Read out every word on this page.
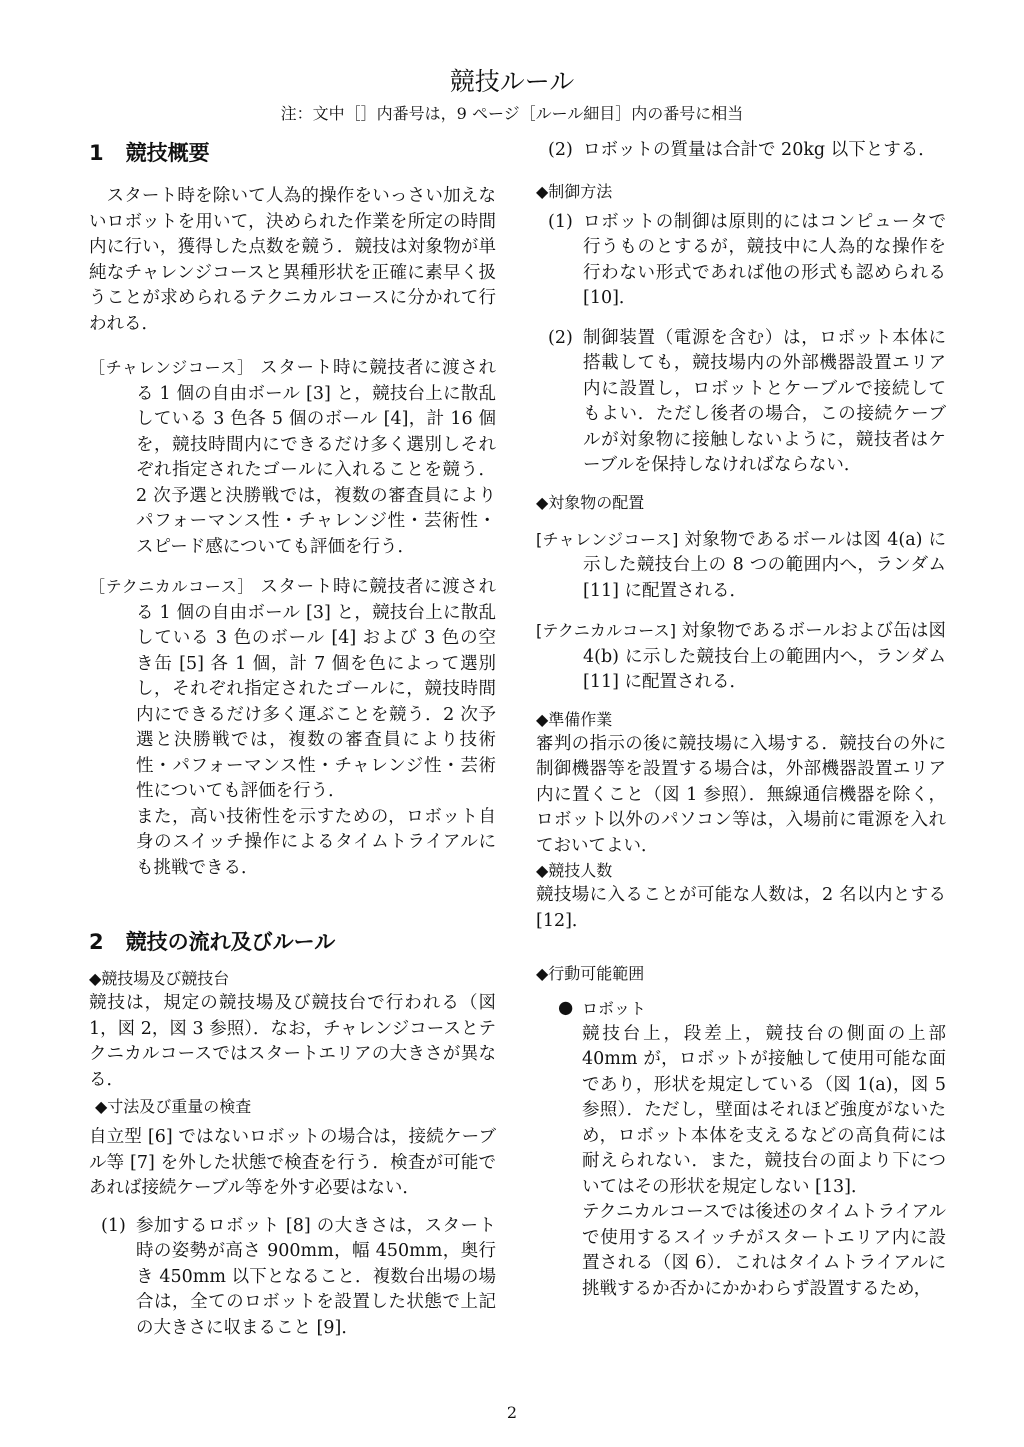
競技ルール
注：文中［］内番号は，9 ページ［ルール細目］内の番号に相当
1 競技概要

スタート時を除いて人為的操作をいっさい加えないロボットを用いて，決められた作業を所定の時間内に行い，獲得した点数を競う．競技は対象物が単純なチャレンジコースと異種形状を正確に素早く扱うことが求められるテクニカルコースに分かれて行われる．

［チャレンジコース］ スタート時に競技者に渡される 1 個の自由ボール [3] と，競技台上に散乱している 3 色各 5 個のボール [4]，計 16 個を，競技時間内にできるだけ多く選別しそれぞれ指定されたゴールに入れることを競う．2 次予選と決勝戦では，複数の審査員によりパフォーマンス性・チャレンジ性・芸術性・スピード感についても評価を行う．

［テクニカルコース］ スタート時に競技者に渡される 1 個の自由ボール [3] と，競技台上に散乱している 3 色のボール [4] および 3 色の空き缶 [5] 各 1 個，計 7 個を色によって選別し，それぞれ指定されたゴールに，競技時間内にできるだけ多く運ぶことを競う．2 次予選と決勝戦では，複数の審査員により技術性・パフォーマンス性・チャレンジ性・芸術性についても評価を行う．

また，高い技術性を示すための，ロボット自身のスイッチ操作によるタイムトライアルにも挑戦できる．

2 競技の流れ及びルール
◆競技場及び競技台

競技は，規定の競技場及び競技台で行われる（図 1，図 2，図 3 参照）．なお，チャレンジコースとテクニカルコースではスタートエリアの大きさが異なる．

◆寸法及び重量の検査

自立型 [6] ではないロボットの場合は，接続ケーブル等 [7] を外した状態で検査を行う．検査が可能であれば接続ケーブル等を外す必要はない．

(1) 参加するロボット [8] の大きさは，スタート時の姿勢が高さ 900mm，幅 450mm，奥行き 450mm 以下となること．複数台出場の場合は，全てのロボットを設置した状態で上記の大きさに収まること [9]．
(2) ロボットの質量は合計で 20kg 以下とする．
◆制御方法
(1) ロボットの制御は原則的にはコンピュータで行うものとするが，競技中に人為的な操作を行わない形式であれば他の形式も認められる [10]．
(2) 制御装置（電源を含む）は，ロボット本体に搭載しても，競技場内の外部機器設置エリア内に設置し，ロボットとケーブルで接続してもよい．ただし後者の場合，この接続ケーブルが対象物に接触しないように，競技者はケーブルを保持しなければならない．
◆対象物の配置

[チャレンジコース] 対象物であるボールは図 4(a) に示した競技台上の 8 つの範囲内へ，ランダム [11] に配置される．

[テクニカルコース] 対象物であるボールおよび缶は図 4(b) に示した競技台上の範囲内へ，ランダム [11] に配置される．

◆準備作業

審判の指示の後に競技場に入場する．競技台の外に制御機器等を設置する場合は，外部機器設置エリア内に置くこと（図 1 参照）．無線通信機器を除く，ロボット以外のパソコン等は，入場前に電源を入れておいてよい．

◆競技人数

競技場に入ることが可能な人数は，2 名以内とする [12]．

◆行動可能範囲
● ロボット

競技台上，段差上，競技台の側面の上部 40mm が，ロボットが接触して使用可能な面であり，形状を規定している（図 1(a)，図 5 参照）．ただし，壁面はそれほど強度がないため，ロボット本体を支えるなどの高負荷には耐えられない．また，競技台の面より下についてはその形状を規定しない [13]．

テクニカルコースでは後述のタイムトライアルで使用するスイッチがスタートエリア内に設置される（図 6）．これはタイムトライアルに挑戦するか否かにかかわらず設置するため，

2
